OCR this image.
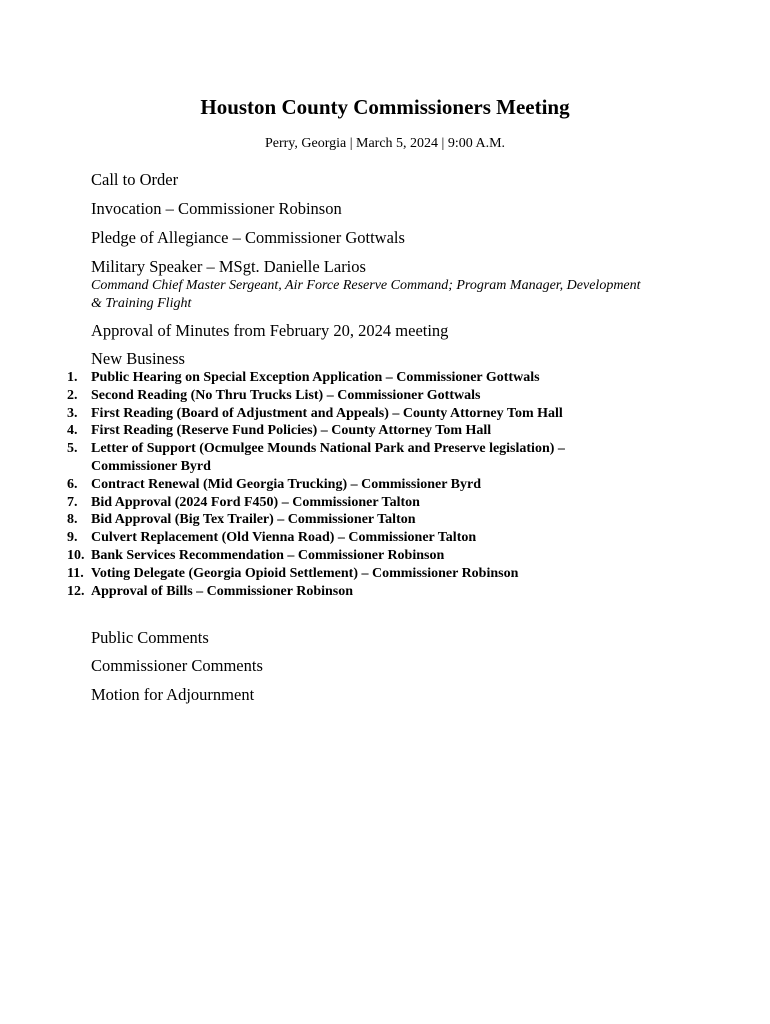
Houston County Commissioners Meeting
Perry, Georgia | March 5, 2024 | 9:00 A.M.
Call to Order
Invocation – Commissioner Robinson
Pledge of Allegiance – Commissioner Gottwals
Military Speaker – MSgt. Danielle Larios
Command Chief Master Sergeant, Air Force Reserve Command; Program Manager, Development & Training Flight
Approval of Minutes from February 20, 2024 meeting
New Business
1. Public Hearing on Special Exception Application – Commissioner Gottwals
2. Second Reading (No Thru Trucks List) – Commissioner Gottwals
3. First Reading (Board of Adjustment and Appeals) – County Attorney Tom Hall
4. First Reading (Reserve Fund Policies) – County Attorney Tom Hall
5. Letter of Support (Ocmulgee Mounds National Park and Preserve legislation) – Commissioner Byrd
6. Contract Renewal (Mid Georgia Trucking) – Commissioner Byrd
7. Bid Approval (2024 Ford F450) – Commissioner Talton
8. Bid Approval (Big Tex Trailer) – Commissioner Talton
9. Culvert Replacement (Old Vienna Road) – Commissioner Talton
10. Bank Services Recommendation – Commissioner Robinson
11. Voting Delegate (Georgia Opioid Settlement) – Commissioner Robinson
12. Approval of Bills – Commissioner Robinson
Public Comments
Commissioner Comments
Motion for Adjournment
